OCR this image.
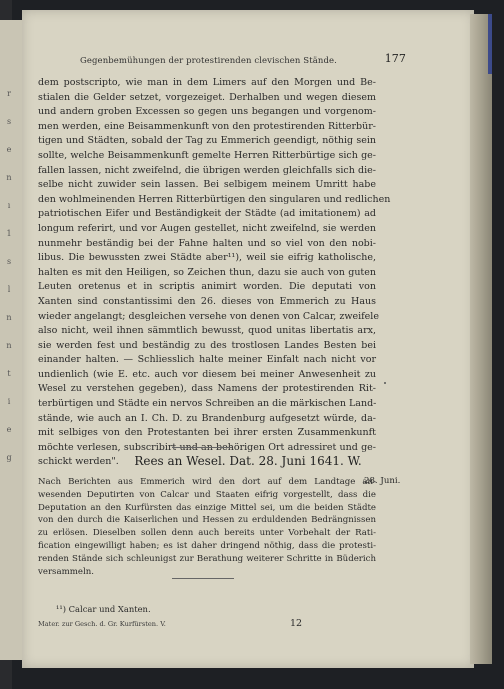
r
s
e
n
ı
1
s
l
n
n
t
i
e
g
Gegenbemühungen der protestirenden clevischen Stände.	177
dem postscripto, wie man in dem Limers auf den Morgen und Be-
stialen die Gelder setzet, vorgezeiget. Derhalben und wegen diesem
und andern groben Excessen so gegen uns begangen und vorgenom-
men werden, eine Beisammenkunft von den protestirenden Ritterbür-
tigen und Städten, sobald der Tag zu Emmerich geendigt, nöthig sein
sollte, welche Beisammenkunft gemelte Herren Ritterbürtige sich ge-
fallen lassen, nicht zweifelnd, die übrigen werden gleichfalls sich die-
selbe nicht zuwider sein lassen. Bei selbigem meinem Umritt habe
den wohlmeinenden Herren Ritterbürtigen den singularen und redlichen
patriotischen Eifer und Beständigkeit der Städte (ad imitationem) ad
longum referirt, und vor Augen gestellet, nicht zweifelnd, sie werden
nunmehr beständig bei der Fahne halten und so viel von den nobi-
libus. Die bewussten zwei Städte aber¹¹), weil sie eifrig katholische,
halten es mit den Heiligen, so Zeichen thun, dazu sie auch von guten
Leuten oretenus et in scriptis animirt worden. Die deputati von
Xanten sind constantissimi den 26. dieses von Emmerich zu Haus
wieder angelangt; desgleichen versehe von denen von Calcar, zweifele
also nicht, weil ihnen sämmtlich bewusst, quod unitas libertatis arx,
sie werden fest und beständig zu des trostlosen Landes Besten bei
einander halten. — Schliesslich halte meiner Einfalt nach nicht vor
undienlich (wie E. etc. auch vor diesem bei meiner Anwesenheit zu
Wesel zu verstehen gegeben), dass Namens der protestirenden Rit-
terbürtigen und Städte ein nervos Schreiben an die märkischen Land-
stände, wie auch an I. Ch. D. zu Brandenburg aufgesetzt würde, da-
mit selbiges von den Protestanten bei ihrer ersten Zusammenkunft
möchte verlesen, subscribirt und an behörigen Ort adressiret und ge-
schickt werden".	Rees an Wesel. Dat. 28. Juni 1641. W.
Nach Berichten aus Emmerich wird den dort auf dem Landtage an-
wesenden Deputirten von Calcar und Staaten eifrig vorgestellt, dass die
Deputation an den Kurfürsten das einzige Mittel sei, um die beiden Städte
von den durch die Kaiserlichen und Hessen zu erduldenden Bedrängnissen
zu erlösen. Dieselben sollen denn auch bereits unter Vorbehalt der Rati-
fication eingewilligt haben; es ist daher dringend nöthig, dass die protesti-
renden Stände sich schleunigst zur Berathung weiterer Schritte in Büderich
versammeln.
28. Juni.
¹¹) Calcar und Xanten.
Mater. zur Gesch. d. Gr. Kurfürsten. V.	12
